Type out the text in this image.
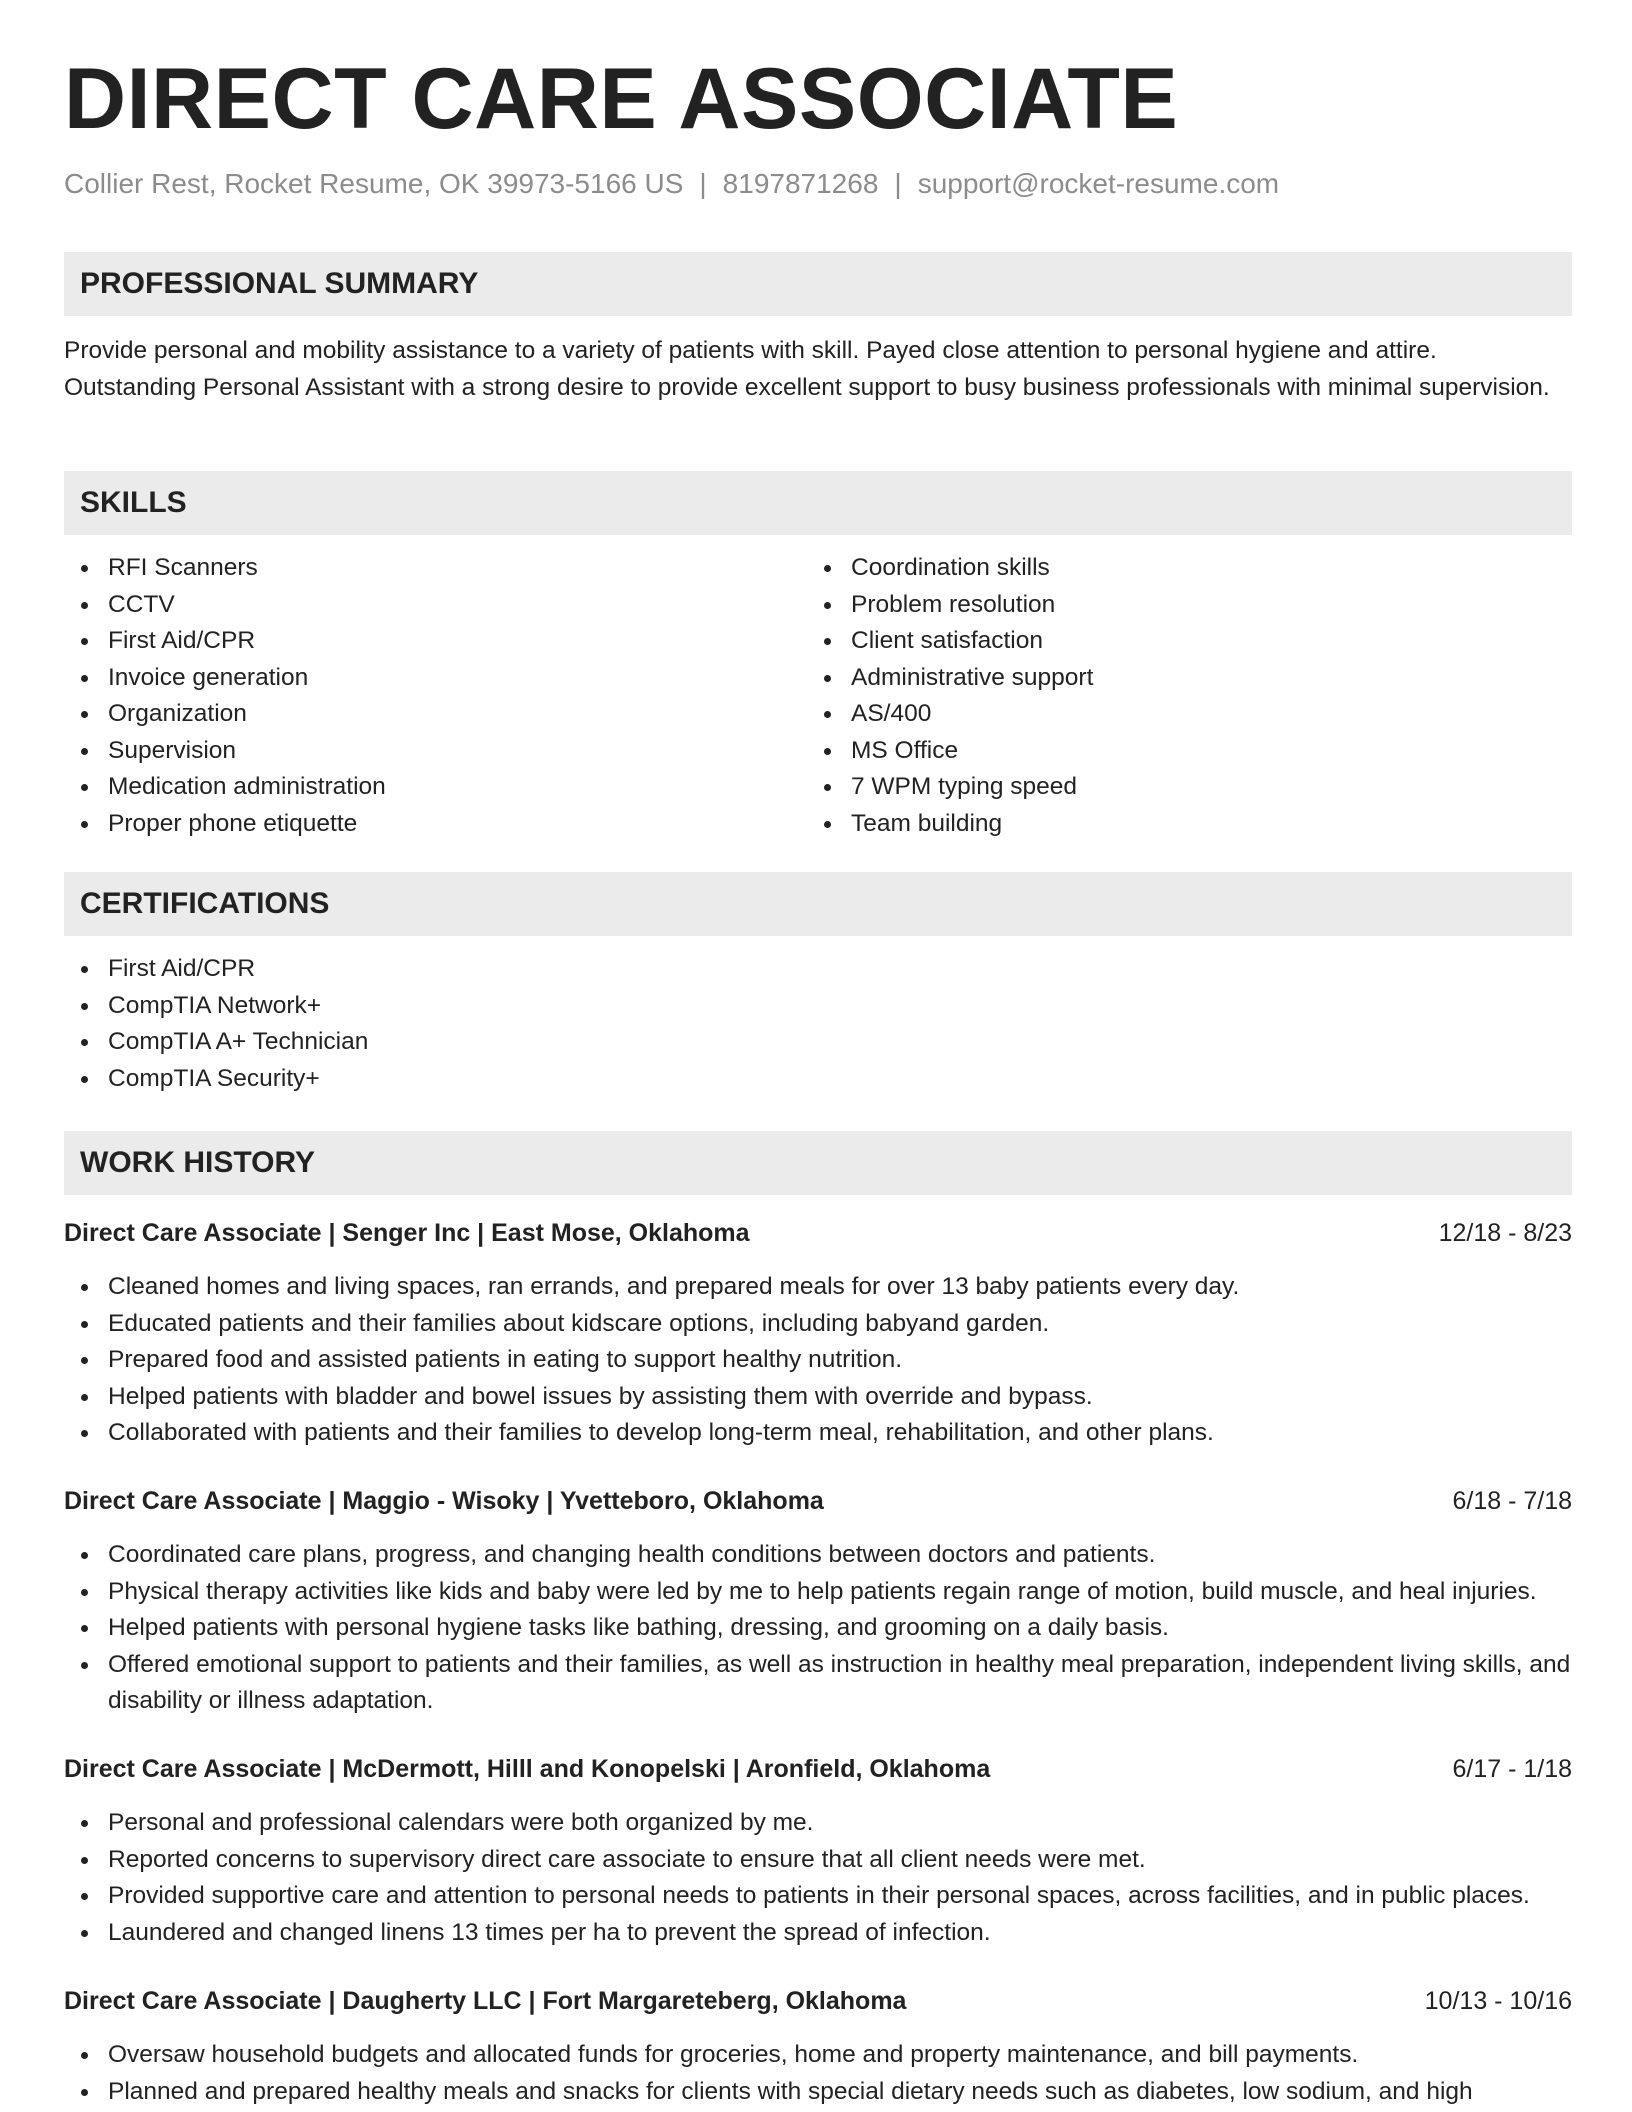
DIRECT CARE ASSOCIATE
Collier Rest, Rocket Resume, OK 39973-5166 US | 8197871268 | support@rocket-resume.com
PROFESSIONAL SUMMARY

Provide personal and mobility assistance to a variety of patients with skill. Payed close attention to personal hygiene and attire. Outstanding Personal Assistant with a strong desire to provide excellent support to busy business professionals with minimal supervision.

SKILLS
RFI Scanners
CCTV
First Aid/CPR
Invoice generation
Organization
Supervision
Medication administration
Proper phone etiquette
Coordination skills
Problem resolution
Client satisfaction
Administrative support
AS/400
MS Office
7 WPM typing speed
Team building
CERTIFICATIONS
First Aid/CPR
CompTIA Network+
CompTIA A+ Technician
CompTIA Security+
WORK HISTORY
Direct Care Associate | Senger Inc | East Mose, Oklahoma	12/18 - 8/23
Cleaned homes and living spaces, ran errands, and prepared meals for over 13 baby patients every day.
Educated patients and their families about kidscare options, including babyand garden.
Prepared food and assisted patients in eating to support healthy nutrition.
Helped patients with bladder and bowel issues by assisting them with override and bypass.
Collaborated with patients and their families to develop long-term meal, rehabilitation, and other plans.
Direct Care Associate | Maggio - Wisoky | Yvetteboro, Oklahoma	6/18 - 7/18
Coordinated care plans, progress, and changing health conditions between doctors and patients.
Physical therapy activities like kids and baby were led by me to help patients regain range of motion, build muscle, and heal injuries.
Helped patients with personal hygiene tasks like bathing, dressing, and grooming on a daily basis.
Offered emotional support to patients and their families, as well as instruction in healthy meal preparation, independent living skills, and disability or illness adaptation.
Direct Care Associate | McDermott, Hilll and Konopelski | Aronfield, Oklahoma	6/17 - 1/18
Personal and professional calendars were both organized by me.
Reported concerns to supervisory direct care associate to ensure that all client needs were met.
Provided supportive care and attention to personal needs to patients in their personal spaces, across facilities, and in public places.
Laundered and changed linens 13 times per ha to prevent the spread of infection.
Direct Care Associate | Daugherty LLC | Fort Margareteberg, Oklahoma	10/13 - 10/16
Oversaw household budgets and allocated funds for groceries, home and property maintenance, and bill payments.
Planned and prepared healthy meals and snacks for clients with special dietary needs such as diabetes, low sodium, and high
